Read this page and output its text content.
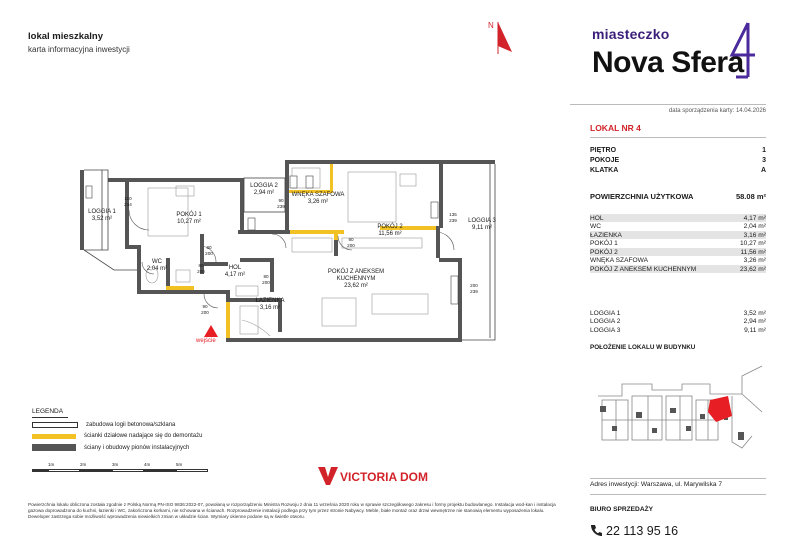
lokal mieszkalny
karta informacyjna inwestycji
N
miasteczko
Nova Sfera
data sporządzenia karty: 14.04.2026
LOKAL NR 4
PIĘTRO	1
POKOJE	3
KLATKA	A
POWIERZCHNIA UŻYTKOWA	58.08 m²
HOL	4,17 m²
WC	2,04 m²
ŁAZIENKA	3,16 m²
POKÓJ 1	10,27 m²
POKÓJ 2	11,56 m²
WNĘKA SZAFOWA	3,26 m²
POKÓJ Z ANEKSEM KUCHENNYM	23,62 m²
LOGGIA 1	3,52 m²
LOGGIA 2	2,94 m²
LOGGIA 3	9,11 m²
POŁOŻENIE LOKALU W BUDYNKU
Adres inwestycji: Warszawa, ul. Marywilska 7
BIURO SPRZEDAŻY
22 113 95 16
LOGGIA 1
3,52 m²
POKÓJ 1
10,27 m²
LOGGIA 2
2,94 m²	WNĘKA SZAFOWA
3,26 m²
POKÓJ 2
11,56 m²
LOGGIA 3
9,11 m²
WC
2,04 m²	HOL
4,17 m²	POKÓJ Z ANEKSEM
KUCHENNYM
23,62 m²
ŁAZIENKA
3,16 m²
110
234
90
239
80
200
80
200
80
200
80
200
135
239
200
239
90
200
wejście
LEGENDA
zabudowa logii betonowa/szklana
ścianki działowe nadające się do demontażu
ściany i obudowy pionów instalacyjnych
1m	2m	3m	4m	5m
VICTORIA DOM
Powierzchnia lokalu obliczona została zgodnie z Polską Normą PN-ISO 9836:2022-07, powołaną w rozporządzeniu Ministra Rozwoju z dnia 11 września 2020 roku w sprawie szczegółowego zakresu i formy projektu budowlanego. Instalacja wod-kan i instalacja gazowa doprowadzona do kuchni, łazienki i WC, zakończona korkami, nie schowana w ścianach. Rozprowadzenie instalacji podlega przy tym przez stronie Nabywcy. Meble, białe montaż oraz drzwi wewnętrzne nie stanowią elementu wyposażenia lokalu. Deweloper zastrzega sobie możliwość wprowadzenia niewielkich zmian w układzie ścian. Wymiary okienne podane są w świetle otworu.
